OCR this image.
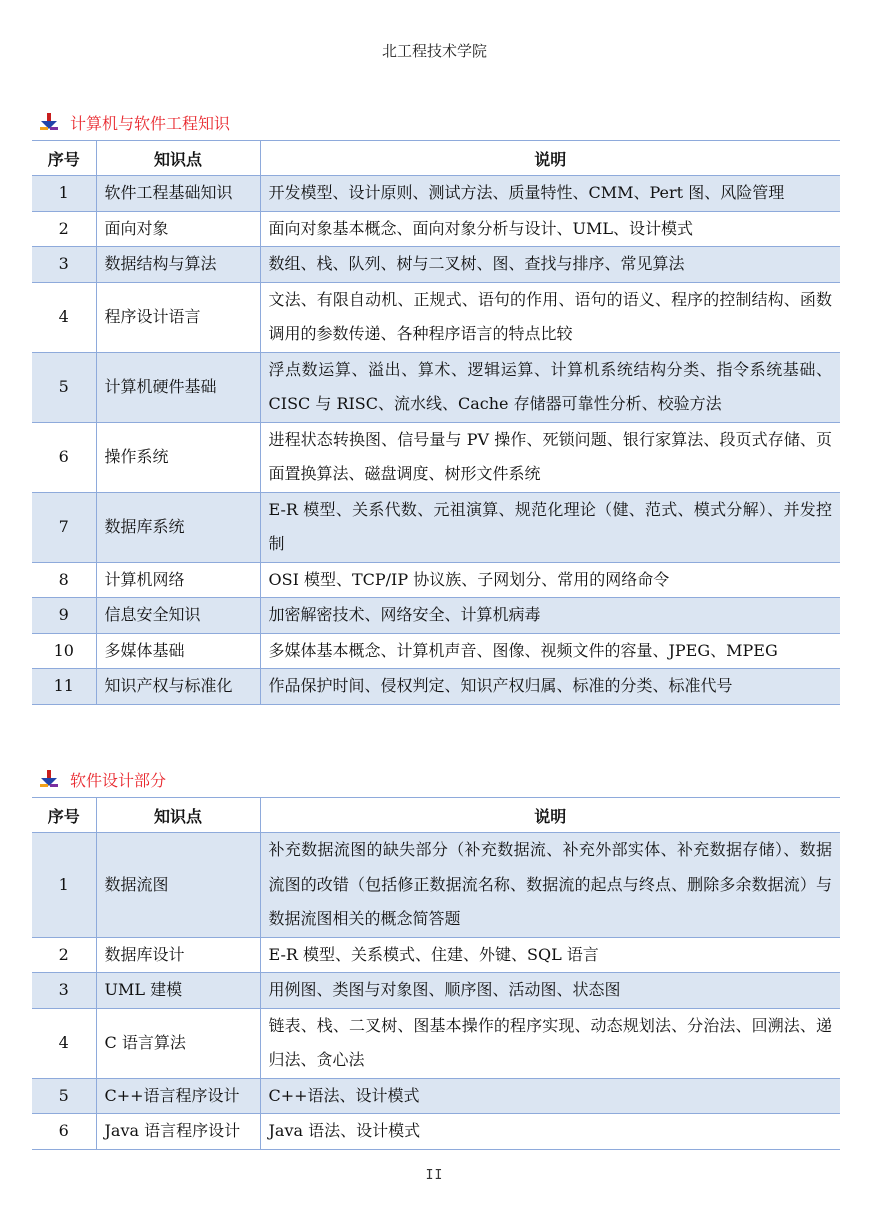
北工程技术学院
计算机与软件工程知识
序号	知识点	说明
1	软件工程基础知识	开发模型、设计原则、测试方法、质量特性、CMM、Pert 图、风险管理
2	面向对象	面向对象基本概念、面向对象分析与设计、UML、设计模式
3	数据结构与算法	数组、栈、队列、树与二叉树、图、查找与排序、常见算法
4	程序设计语言	文法、有限自动机、正规式、语句的作用、语句的语义、程序的控制结构、函数调用的参数传递、各种程序语言的特点比较
5	计算机硬件基础	浮点数运算、溢出、算术、逻辑运算、计算机系统结构分类、指令系统基础、CISC 与 RISC、流水线、Cache 存储器可靠性分析、校验方法
6	操作系统	进程状态转换图、信号量与 PV 操作、死锁问题、银行家算法、段页式存储、页面置换算法、磁盘调度、树形文件系统
7	数据库系统	E-R 模型、关系代数、元祖演算、规范化理论（健、范式、模式分解）、并发控制
8	计算机网络	OSI 模型、TCP/IP 协议族、子网划分、常用的网络命令
9	信息安全知识	加密解密技术、网络安全、计算机病毒
10	多媒体基础	多媒体基本概念、计算机声音、图像、视频文件的容量、JPEG、MPEG
11	知识产权与标准化	作品保护时间、侵权判定、知识产权归属、标准的分类、标准代号
软件设计部分
序号	知识点	说明
1	数据流图	补充数据流图的缺失部分（补充数据流、补充外部实体、补充数据存储）、数据流图的改错（包括修正数据流名称、数据流的起点与终点、删除多余数据流）与数据流图相关的概念简答题
2	数据库设计	E-R 模型、关系模式、住建、外键、SQL 语言
3	UML 建模	用例图、类图与对象图、顺序图、活动图、状态图
4	C 语言算法	链表、栈、二叉树、图基本操作的程序实现、动态规划法、分治法、回溯法、递归法、贪心法
5	C++语言程序设计	C++语法、设计模式
6	Java 语言程序设计	Java 语法、设计模式
II
